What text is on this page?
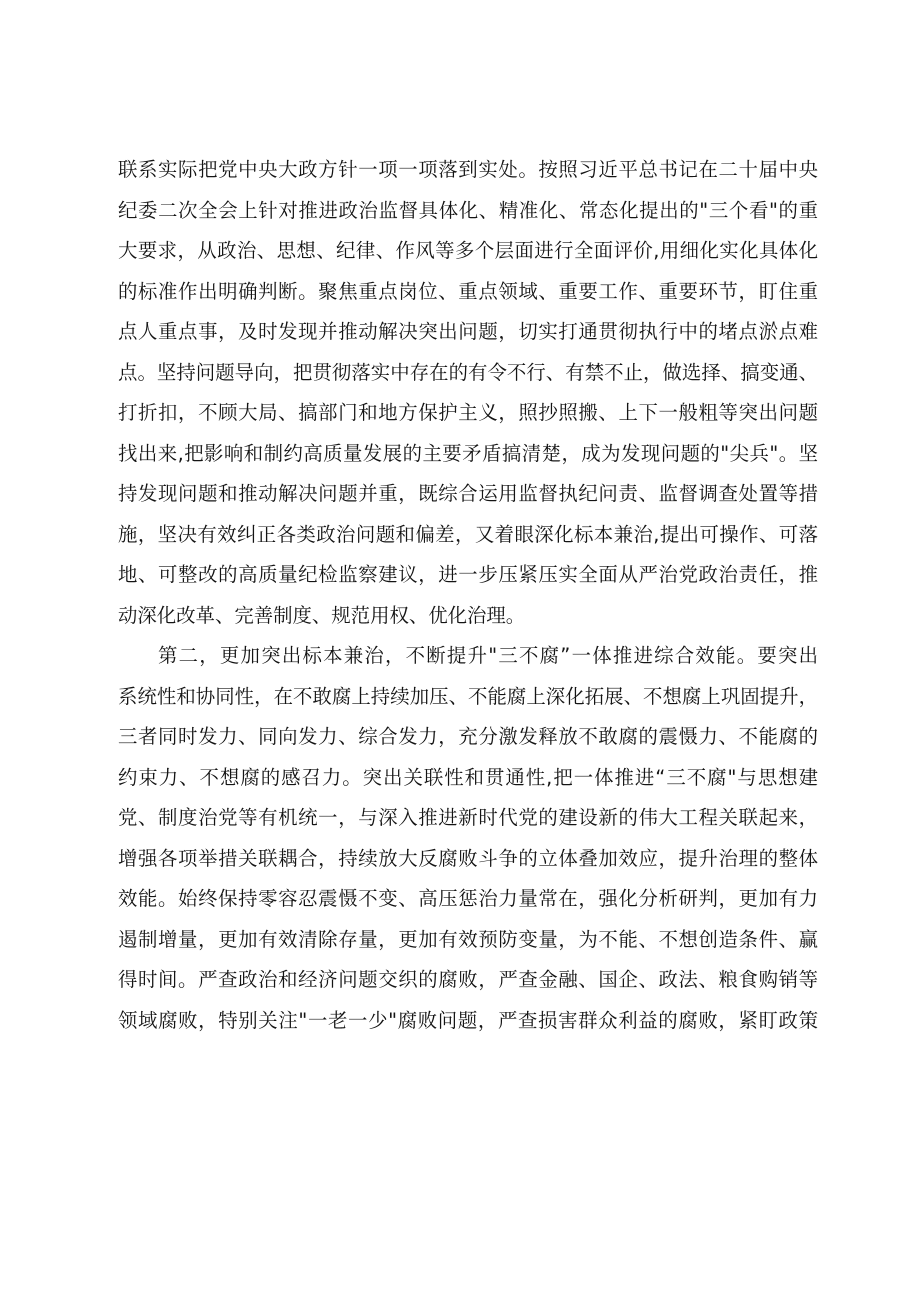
联系实际把党中央大政方针一项一项落到实处。按照习近平总书记在二十届中央
纪委二次全会上针对推进政治监督具体化、精准化、常态化提出的"三个看"的重
大要求，从政治、思想、纪律、作风等多个层面进行全面评价,用细化实化具体化
的标准作出明确判断。聚焦重点岗位、重点领域、重要工作、重要环节，盯住重
点人重点事，及时发现并推动解决突出问题，切实打通贯彻执行中的堵点淤点难
点。坚持问题导向，把贯彻落实中存在的有令不行、有禁不止，做选择、搞变通、
打折扣，不顾大局、搞部门和地方保护主义，照抄照搬、上下一般粗等突出问题
找出来,把影响和制约高质量发展的主要矛盾搞清楚，成为发现问题的"尖兵"。坚
持发现问题和推动解决问题并重，既综合运用监督执纪问责、监督调查处置等措
施，坚决有效纠正各类政治问题和偏差，又着眼深化标本兼治,提出可操作、可落
地、可整改的高质量纪检监察建议，进一步压紧压实全面从严治党政治责任，推
动深化改革、完善制度、规范用权、优化治理。
第二，更加突出标本兼治，不断提升"三不腐”一体推进综合效能。要突出
系统性和协同性，在不敢腐上持续加压、不能腐上深化拓展、不想腐上巩固提升，
三者同时发力、同向发力、综合发力，充分激发释放不敢腐的震慑力、不能腐的
约束力、不想腐的感召力。突出关联性和贯通性,把一体推进“三不腐"与思想建
党、制度治党等有机统一，与深入推进新时代党的建设新的伟大工程关联起来，
增强各项举措关联耦合，持续放大反腐败斗争的立体叠加效应，提升治理的整体
效能。始终保持零容忍震慑不变、高压惩治力量常在，强化分析研判，更加有力
遏制增量，更加有效清除存量，更加有效预防变量，为不能、不想创造条件、赢
得时间。严查政治和经济问题交织的腐败，严查金融、国企、政法、粮食购销等
领域腐败，特别关注"一老一少"腐败问题，严查损害群众利益的腐败，紧盯政策
